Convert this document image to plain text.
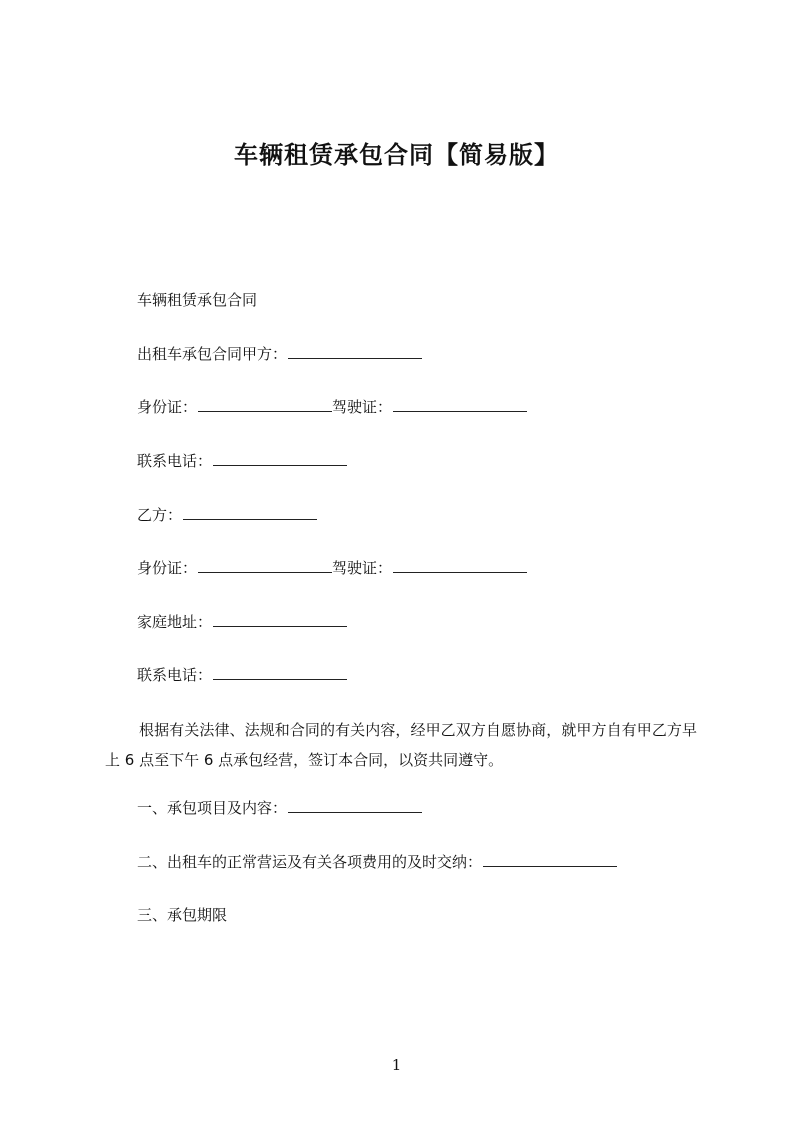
车辆租赁承包合同【简易版】
车辆租赁承包合同
出租车承包合同甲方：
身份证：	驾驶证：
联系电话：
乙方：
身份证：	驾驶证：
家庭地址：
联系电话：
根据有关法律、法规和合同的有关内容，经甲乙双方自愿协商，就甲方自有甲乙方早上 6 点至下午 6 点承包经营，签订本合同，以资共同遵守。
一、承包项目及内容：
二、出租车的正常营运及有关各项费用的及时交纳：
三、承包期限
1
